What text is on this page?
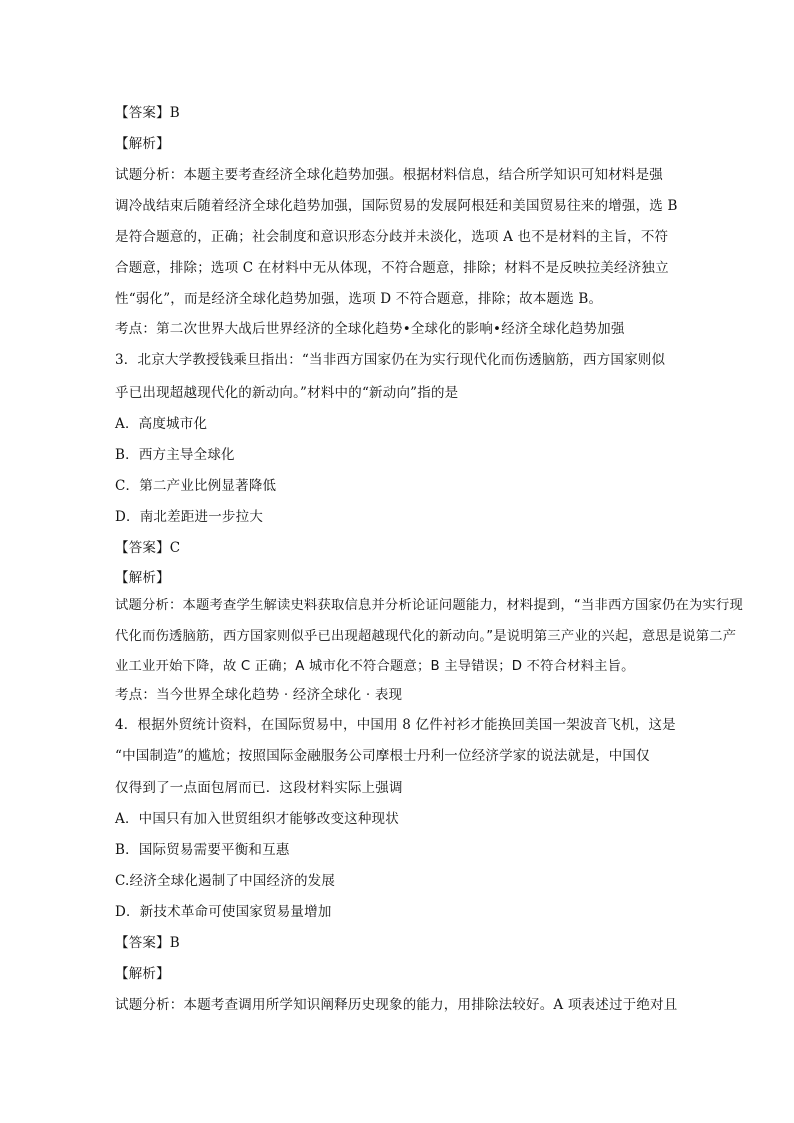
【答案】B
【解析】
试题分析：本题主要考查经济全球化趋势加强。根据材料信息，结合所学知识可知材料是强
调冷战结束后随着经济全球化趋势加强，国际贸易的发展阿根廷和美国贸易往来的增强，选 B
是符合题意的，正确；社会制度和意识形态分歧并未淡化，选项 A 也不是材料的主旨，不符
合题意，排除；选项 C 在材料中无从体现，不符合题意，排除；材料不是反映拉美经济独立
性“弱化”，而是经济全球化趋势加强，选项 D 不符合题意，排除；故本题选 B。
考点：第二次世界大战后世界经济的全球化趋势•全球化的影响•经济全球化趋势加强
3．北京大学教授钱乘旦指出：“当非西方国家仍在为实行现代化而伤透脑筋，西方国家则似
乎已出现超越现代化的新动向。”材料中的“新动向”指的是
A．高度城市化
B．西方主导全球化
C．第二产业比例显著降低
D．南北差距进一步拉大
【答案】C
【解析】
试题分析：本题考查学生解读史料获取信息并分析论证问题能力，材料提到，“当非西方国家仍在为实行现
代化而伤透脑筋，西方国家则似乎已出现超越现代化的新动向。”是说明第三产业的兴起，意思是说第二产
业工业开始下降，故 C 正确；A 城市化不符合题意；B 主导错误；D 不符合材料主旨。
考点：当今世界全球化趋势 · 经济全球化 · 表现
4．根据外贸统计资料，在国际贸易中，中国用 8 亿件衬衫才能换回美国一架波音飞机，这是
“中国制造”的尴尬；按照国际金融服务公司摩根士丹利一位经济学家的说法就是，中国仅
仅得到了一点面包屑而已．这段材料实际上强调
A．中国只有加入世贸组织才能够改变这种现状
B．国际贸易需要平衡和互惠
C.经济全球化遏制了中国经济的发展
D．新技术革命可使国家贸易量增加
【答案】B
【解析】
试题分析：本题考查调用所学知识阐释历史现象的能力，用排除法较好。A 项表述过于绝对且
